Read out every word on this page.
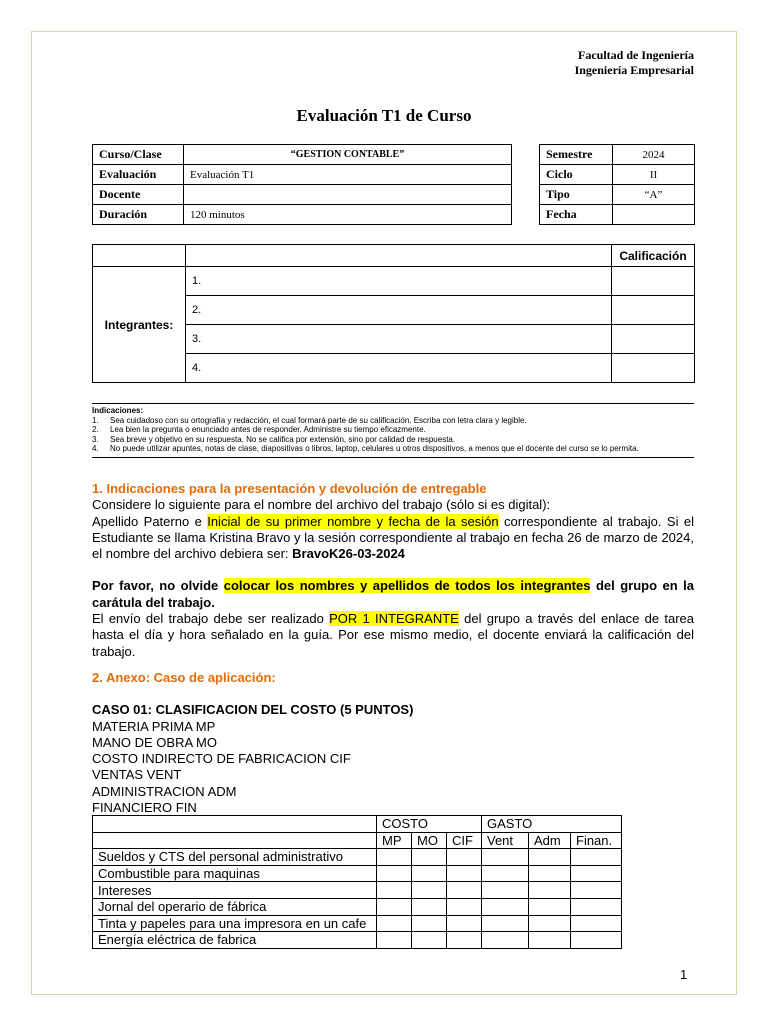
Facultad de Ingeniería
Ingeniería Empresarial
Evaluación T1 de Curso
Curso/Clase	“GESTION CONTABLE”
Evaluación	Evaluación T1
Docente	
Duración	120 minutos
Semestre	2024
Ciclo	II
Tipo	“A”
Fecha	
		Calificación
Integrantes:	1.	
	2.	
	3.	
	4.	
Indicaciones:
1.	Sea cuidadoso con su ortografía y redacción, el cual formará parte de su calificación. Escriba con letra clara y legible.
2.	Lea bien la pregunta o enunciado antes de responder. Administre su tiempo eficazmente.
3.	Sea breve y objetivo en su respuesta. No se califica por extensión, sino por calidad de respuesta.
4.	No puede utilizar apuntes, notas de clase, diapositivas o libros, laptop, celulares u otros dispositivos, a menos que el docente del curso se lo permita.
1. Indicaciones para la presentación y devolución de entregable
Considere lo siguiente para el nombre del archivo del trabajo (sólo si es digital):
Apellido Paterno e Inicial de su primer nombre y fecha de la sesión correspondiente al trabajo. Si el Estudiante se llama Kristina Bravo y la sesión correspondiente al trabajo en fecha 26 de marzo de 2024, el nombre del archivo debiera ser: BravoK26-03-2024
Por favor, no olvide colocar los nombres y apellidos de todos los integrantes del grupo en la carátula del trabajo.
El envío del trabajo debe ser realizado POR 1 INTEGRANTE del grupo a través del enlace de tarea hasta el día y hora señalado en la guía. Por ese mismo medio, el docente enviará la calificación del trabajo.
2. Anexo: Caso de aplicación:
CASO 01: CLASIFICACION DEL COSTO (5 PUNTOS)
MATERIA PRIMA MP
MANO DE OBRA MO
COSTO INDIRECTO DE FABRICACION CIF
VENTAS VENT
ADMINISTRACION ADM
FINANCIERO FIN
	COSTO			GASTO		
	MP	MO	CIF	Vent	Adm	Finan.
Sueldos y CTS del personal administrativo						
Combustible para maquinas						
Intereses						
Jornal del operario de fábrica						
Tinta y papeles para una impresora en un cafe						
Energía eléctrica de fabrica						
1
